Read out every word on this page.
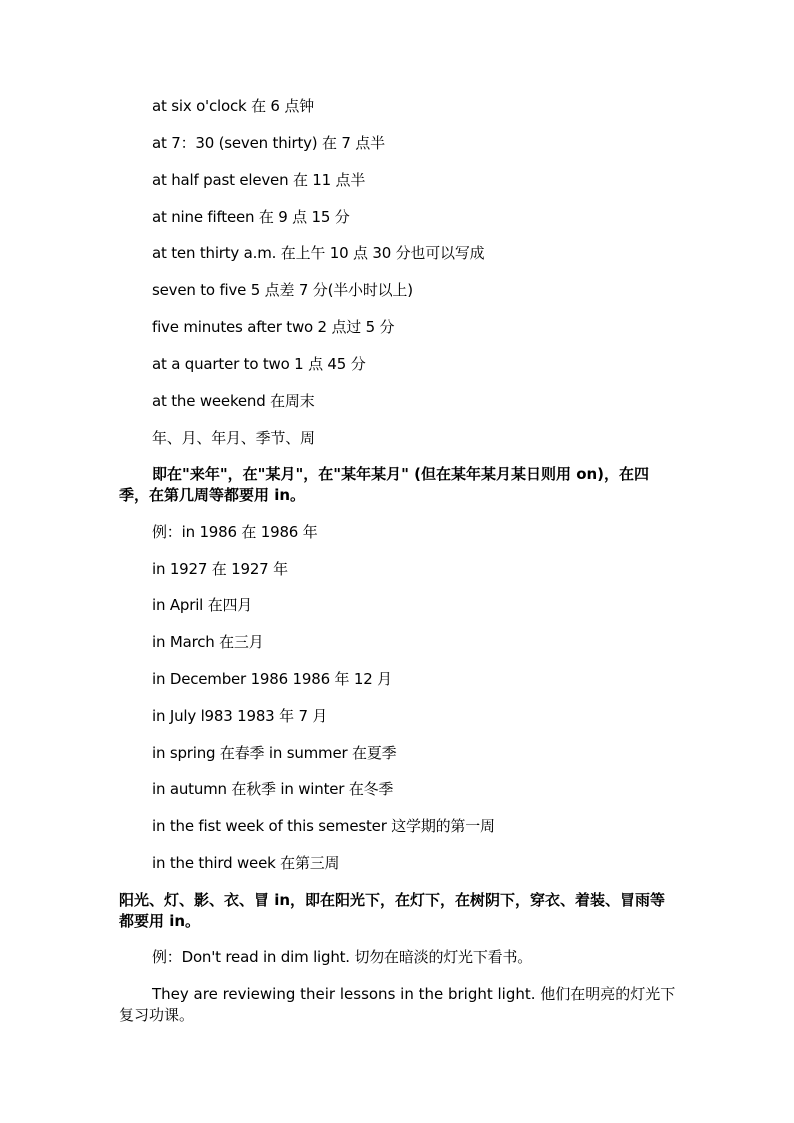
at six o'clock 在 6 点钟
at 7：30 (seven thirty) 在 7 点半
at half past eleven 在 11 点半
at nine fifteen 在 9 点 15 分
at ten thirty a.m. 在上午 10 点 30 分也可以写成
seven to five 5 点差 7 分(半小时以上)
five minutes after two 2 点过 5 分
at a quarter to two 1 点 45 分
at the weekend 在周末
年、月、年月、季节、周
即在"来年"，在"某月"，在"某年某月" (但在某年某月某日则用 on)，在四季，在第几周等都要用 in。
例：in 1986 在 1986 年
in 1927 在 1927 年
in April 在四月
in March 在三月
in December 1986 1986 年 12 月
in July l983 1983 年 7 月
in spring 在春季 in summer 在夏季
in autumn 在秋季 in winter 在冬季
in the fist week of this semester 这学期的第一周
in the third week 在第三周
阳光、灯、影、衣、冒 in，即在阳光下，在灯下，在树阴下，穿衣、着装、冒雨等都要用 in。
例：Don't read in dim light. 切勿在暗淡的灯光下看书。
They are reviewing their lessons in the bright light. 他们在明亮的灯光下复习功课。
